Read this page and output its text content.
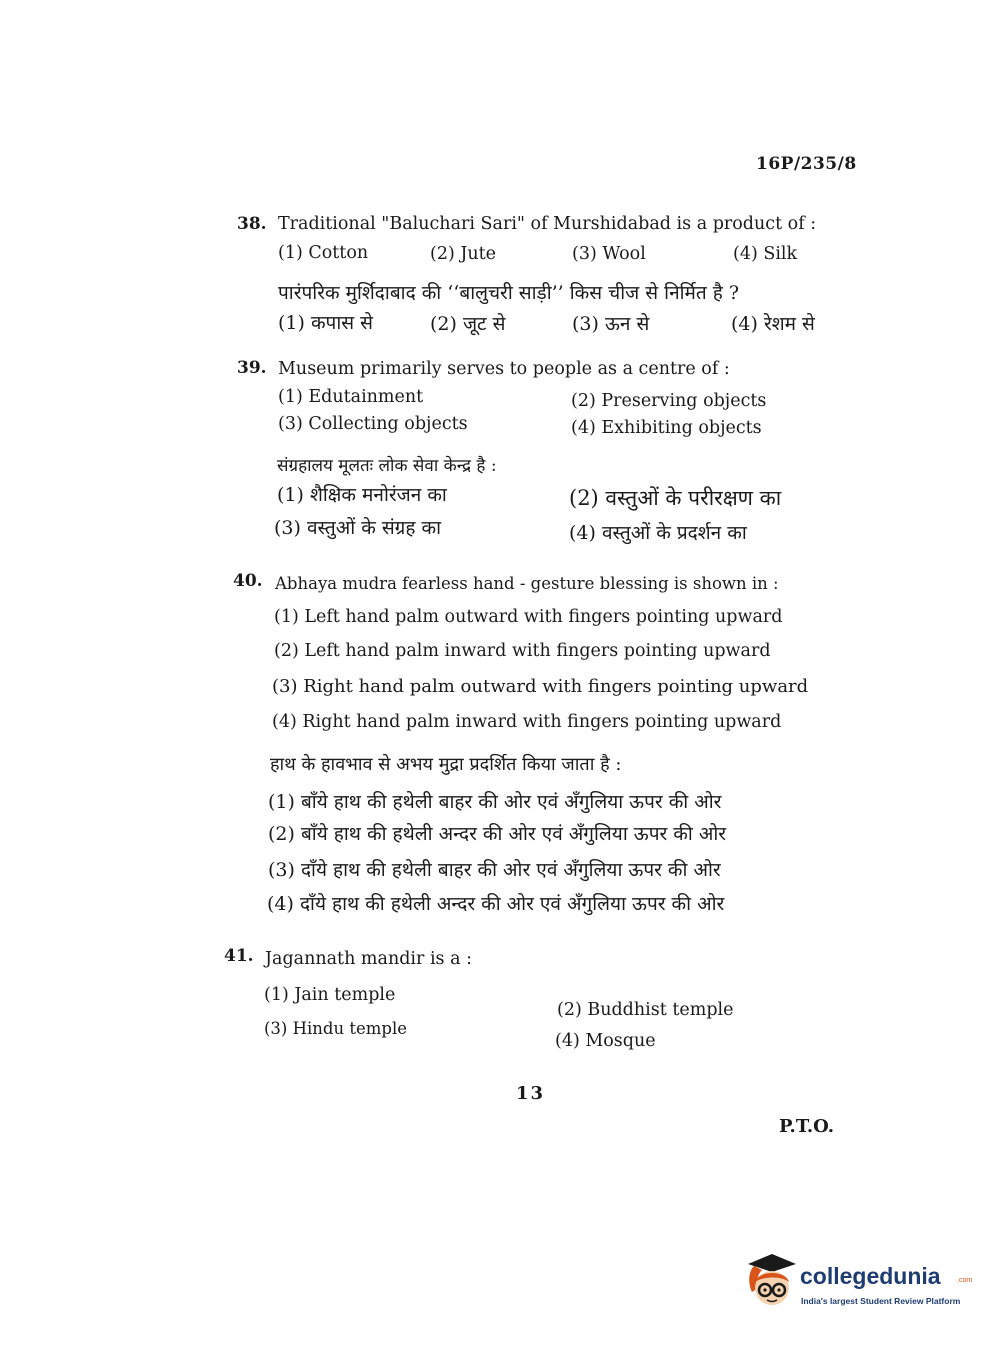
16P/235/8
38. Traditional "Baluchari Sari" of Murshidabad is a product of :
(1) Cotton	(2) Jute	(3) Wool	(4) Silk
पारंपरिक मुर्शिदाबाद की ‘‘बालुचरी साड़ी’’ किस चीज से निर्मित है ?
(1) कपास से	(2) जूट से	(3) ऊन से	(4) रेशम से
39. Museum primarily serves to people as a centre of :
(1) Edutainment	(2) Preserving objects
(3) Collecting objects	(4) Exhibiting objects
संग्रहालय मूलतः लोक सेवा केन्द्र है :
(1) शैक्षिक मनोरंजन का	(2) वस्तुओं के परीरक्षण का
(3) वस्तुओं के संग्रह का	(4) वस्तुओं के प्रदर्शन का
40. Abhaya mudra fearless hand - gesture blessing is shown in :
(1) Left hand palm outward with fingers pointing upward
(2) Left hand palm inward with fingers pointing upward
(3) Right hand palm outward with fingers pointing upward
(4) Right hand palm inward with fingers pointing upward
हाथ के हावभाव से अभय मुद्रा प्रदर्शित किया जाता है :
(1) बाँये हाथ की हथेली बाहर की ओर एवं अँगुलिया ऊपर की ओर
(2) बाँये हाथ की हथेली अन्दर की ओर एवं अँगुलिया ऊपर की ओर
(3) दाँये हाथ की हथेली बाहर की ओर एवं अँगुलिया ऊपर की ओर
(4) दाँये हाथ की हथेली अन्दर की ओर एवं अँगुलिया ऊपर की ओर
41. Jagannath mandir is a :
(1) Jain temple
(2) Buddhist temple
(3) Hindu temple
(4) Mosque
13
P.T.O.
collegedunia .com
India's largest Student Review Platform
